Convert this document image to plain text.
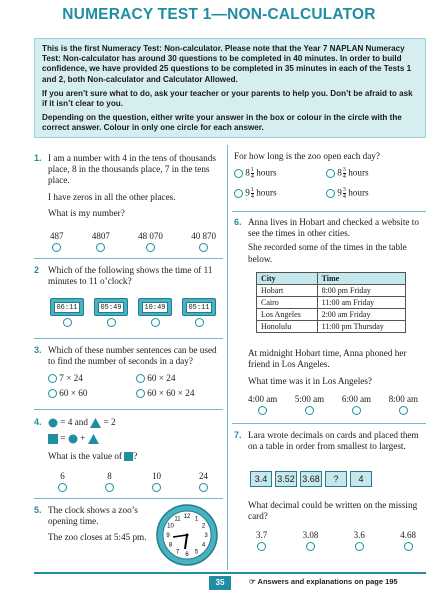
NUMERACY TEST 1—NON-CALCULATOR

This is the first Numeracy Test: Non-calculator. Please note that the Year 7 NAPLAN Numeracy Test: Non-calculator has around 30 questions to be completed in 40 minutes. In order to build confidence, we have provided 25 questions to be completed in 35 minutes in each of the Tests 1 and 2, both Non-calculator and Calculator Allowed.

If you aren’t sure what to do, ask your teacher or your parents to help you. Don’t be afraid to ask if it isn’t clear to you.

Depending on the question, either write your answer in the box or colour in the circle with the correct answer. Colour in only one circle for each answer.

1. I am a number with 4 in the tens of thousands place, 8 in the thousands place, 7 in the tens place.
I have zeros in all the other places.
What is my number?
487	4807	48 070	40 870
2 Which of the following shows the time of 11 minutes to 11 o’clock?
06:11	05:49	10:49	05:11

3. Which of these number sentences can be used to find the number of seconds in a day?
7 × 24	60 × 24
60 × 60	60 × 60 × 24
4.	= 4 and = 2
= +
What is the value of ?
6	8	10	24
5. The clock shows a zoo’s opening time.
The zoo closes at 5:45 pm.
12 1
2
3
4
5
6
7
8
9
10
11
For how long is the zoo open each day?
$8 \frac{1}{4}$ hours	$8 \frac{3}{4}$ hours
$9 \frac{1}{4}$ hours	$9 \frac{3}{4}$ hours
6. Anna lives in Hobart and checked a website to see the times in other cities.
She recorded some of the times in the table below.
City	Time
Hobart	8:00 pm Friday
Cairo	11:00 am Friday
Los Angeles	2:00 am Friday
Honolulu	11:00 pm Thursday
At midnight Hobart time, Anna phoned her friend in Los Angeles.
What time was it in Los Angeles?
4:00 am 5:00 am 6:00 am 8:00 am
7. Lara wrote decimals on cards and placed them on a table in order from smallest to largest.
3.4 3.52 3.68 ? 4
What decimal could be written on the missing card?
3.7	3.08	3.6	4.68
35	☞ Answers and explanations on page 195
